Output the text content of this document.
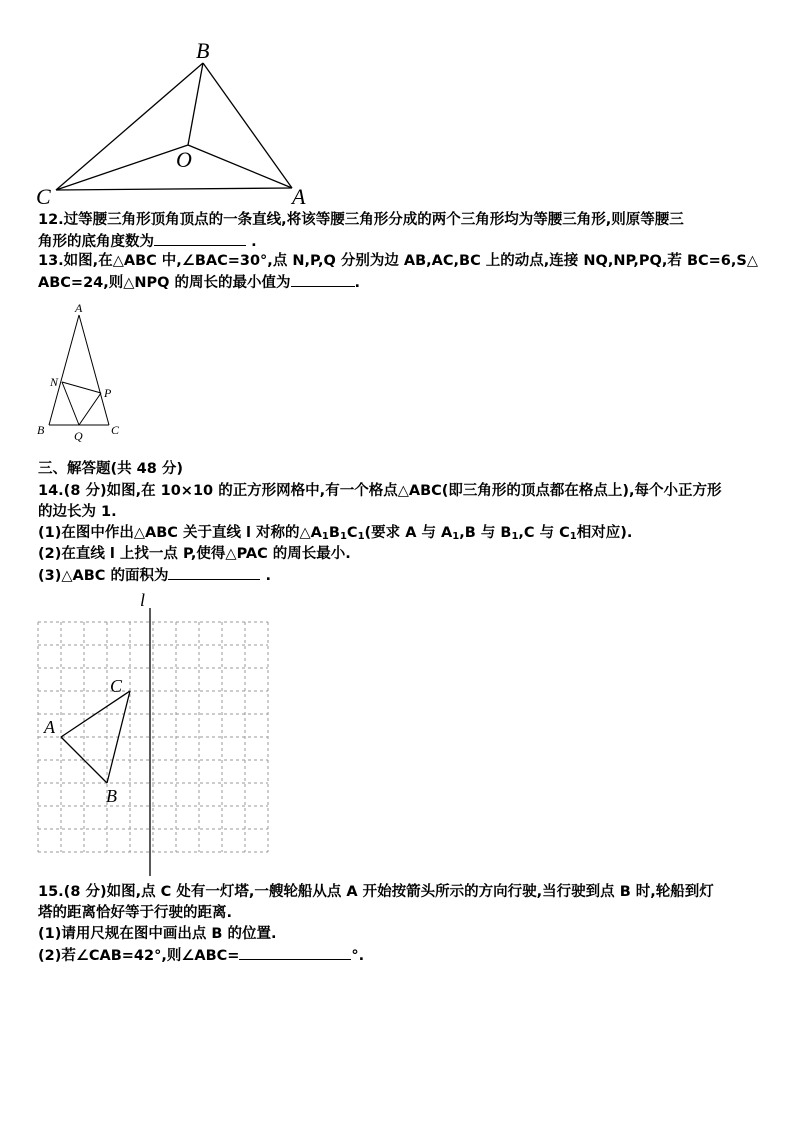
B
O
C	A
12.过等腰三角形顶角顶点的一条直线,将该等腰三角形分成的两个三角形均为等腰三角形,则原等腰三
角形的底角度数为	.
13.如图,在△ABC 中,∠BAC=30°,点 N,P,Q 分别为边 AB,AC,BC 上的动点,连接 NQ,NP,PQ,若 BC=6,S△
ABC=24,则△NPQ 的周长的最小值为	.
A
N
P
B Q C
三、解答题(共 48 分)
14.(8 分)如图,在 10×10 的正方形网格中,有一个格点△ABC(即三角形的顶点都在格点上),每个小正方形
的边长为 1.
(1)在图中作出△ABC 关于直线 l 对称的$\triangle A_1B_1C_1$(要求 A 与 $A_1,B$ 与 $B_1,C$ 与 $C_1$相对应).
(2)在直线 l 上找一点 P,使得△PAC 的周长最小.
(3)△ABC 的面积为	.
l
C
A
B
15.(8 分)如图,点 C 处有一灯塔,一艘轮船从点 A 开始按箭头所示的方向行驶,当行驶到点 B 时,轮船到灯
塔的距离恰好等于行驶的距离.
(1)请用尺规在图中画出点 B 的位置.
(2)若∠CAB=42°,则∠ABC=	°.
